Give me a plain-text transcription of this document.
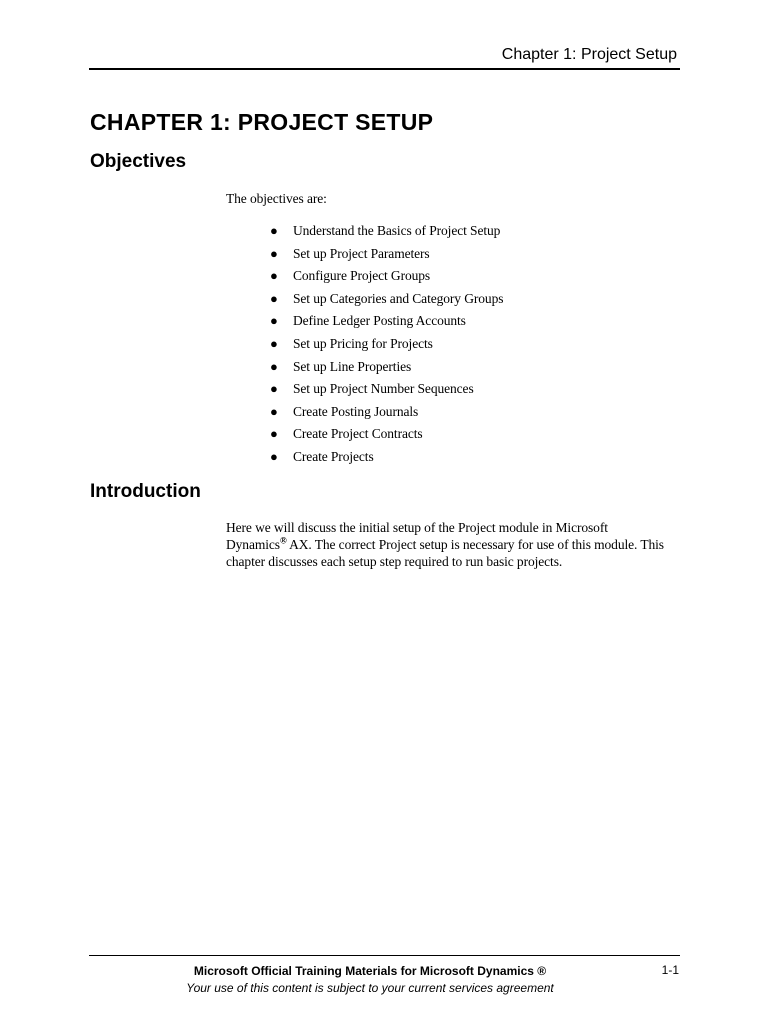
Chapter 1: Project Setup
CHAPTER 1: PROJECT SETUP
Objectives

The objectives are:

● Understand the Basics of Project Setup
● Set up Project Parameters
● Configure Project Groups
● Set up Categories and Category Groups
● Define Ledger Posting Accounts
● Set up Pricing for Projects
● Set up Line Properties
● Set up Project Number Sequences
● Create Posting Journals
● Create Project Contracts
● Create Projects
Introduction

Here we will discuss the initial setup of the Project module in Microsoft Dynamics® AX. The correct Project setup is necessary for use of this module. This chapter discusses each setup step required to run basic projects.

Microsoft Official Training Materials for Microsoft Dynamics ®
Your use of this content is subject to your current services agreement
1-1
